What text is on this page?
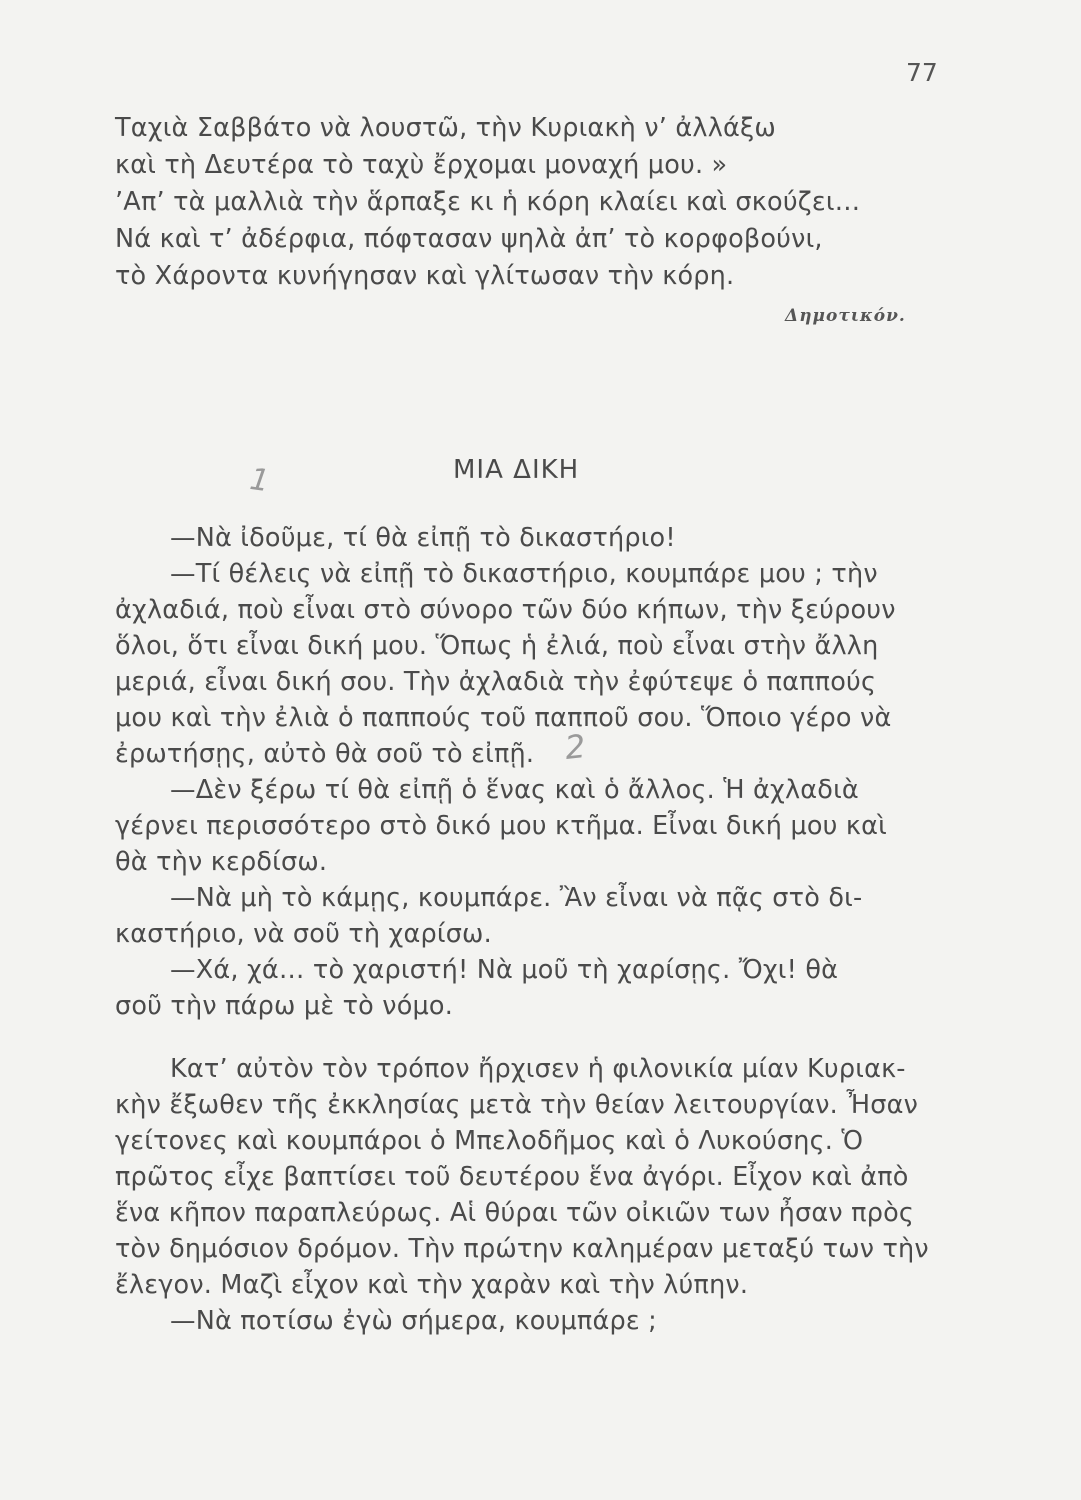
77
Ταχιὰ Σαββάτο νὰ λουστῶ, τὴν Κυριακὴ ν’ ἀλλάξω
καὶ τὴ Δευτέρα τὸ ταχὺ ἔρχομαι μοναχή μου. »
’Απ’ τὰ μαλλιὰ τὴν ἅρπαξε κι ἡ κόρη κλαίει καὶ σκούζει…
Νά καὶ τ’ ἀδέρφια, πόφτασαν ψηλὰ ἀπ’ τὸ κορφοβούνι,
τὸ Χάροντα κυνήγησαν καὶ γλίτωσαν τὴν κόρη.
Δημοτικόν.
ΜΙΑ ΔΙΚΗ
1
2
—Νὰ ἰδοῦμε, τί θὰ εἰπῇ τὸ δικαστήριο!
—Τί θέλεις νὰ εἰπῇ τὸ δικαστήριο, κουμπάρε μου ; τὴν
ἀχλαδιά, ποὺ εἶναι στὸ σύνορο τῶν δύο κήπων, τὴν ξεύρουν
ὅλοι, ὅτι εἶναι δική μου. Ὅπως ἡ ἐλιά, ποὺ εἶναι στὴν ἄλλη
μεριά, εἶναι δική σου. Τὴν ἀχλαδιὰ τὴν ἐφύτεψε ὁ παππούς
μου καὶ τὴν ἐλιὰ ὁ παππούς τοῦ παπποῦ σου. Ὅποιο γέρο νὰ
ἐρωτήσῃς, αὐτὸ θὰ σοῦ τὸ εἰπῇ.
—Δὲν ξέρω τί θὰ εἰπῇ ὁ ἕνας καὶ ὁ ἄλλος. Ἡ ἀχλαδιὰ
γέρνει περισσότερο στὸ δικό μου κτῆμα. Εἶναι δική μου καὶ
θὰ τὴν κερδίσω.
—Νὰ μὴ τὸ κάμῃς, κουμπάρε. Ἂν εἶναι νὰ πᾷς στὸ δι-
καστήριο, νὰ σοῦ τὴ χαρίσω.
—Χά, χά… τὸ χαριστή! Νὰ μοῦ τὴ χαρίσῃς. Ὄχι! θὰ
σοῦ τὴν πάρω μὲ τὸ νόμο.
Κατ’ αὐτὸν τὸν τρόπον ἤρχισεν ἡ φιλονικία μίαν Κυριακ-
κὴν ἔξωθεν τῆς ἐκκλησίας μετὰ τὴν θείαν λειτουργίαν. Ἦσαν
γείτονες καὶ κουμπάροι ὁ Μπελοδῆμος καὶ ὁ Λυκούσης. Ὁ
πρῶτος εἶχε βαπτίσει τοῦ δευτέρου ἕνα ἀγόρι. Εἶχον καὶ ἀπὸ
ἕνα κῆπον παραπλεύρως. Αἱ θύραι τῶν οἰκιῶν των ἦσαν πρὸς
τὸν δημόσιον δρόμον. Τὴν πρώτην καλημέραν μεταξύ των τὴν
ἔλεγον. Μαζὶ εἶχον καὶ τὴν χαρὰν καὶ τὴν λύπην.
—Νὰ ποτίσω ἐγὼ σήμερα, κουμπάρε ;
